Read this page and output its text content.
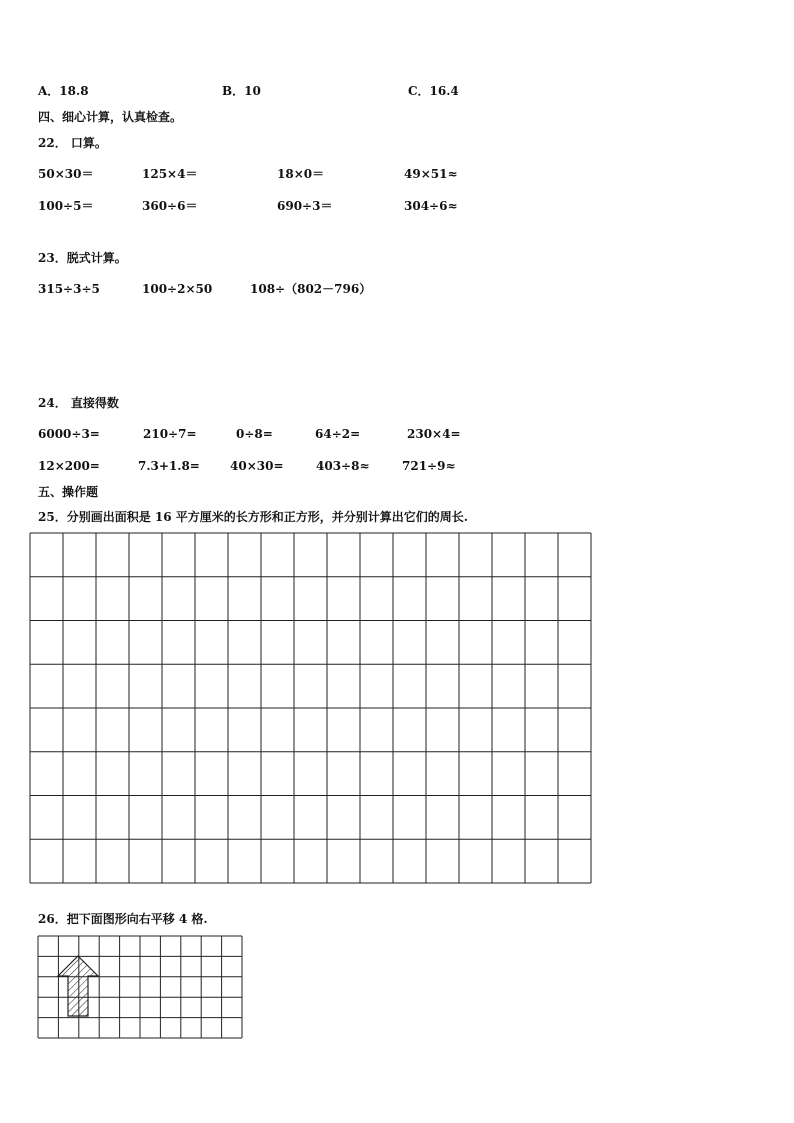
A．18.8	B．10	C．16.4
四、细心计算，认真检查。
22． 口算。
50×30＝	125×4＝	18×0＝	49×51≈
100÷5＝	360÷6＝	690÷3＝	304÷6≈
23．脱式计算。
315÷3÷5	100÷2×50	108÷（802－796）
24． 直接得数
6000÷3=	210÷7=	0÷8=	64÷2=	230×4=
12×200=	7.3+1.8=	40×30=	403÷8≈	721÷9≈
五、操作题
25．分别画出面积是 16 平方厘米的长方形和正方形，并分别计算出它们的周长.
26．把下面图形向右平移 4 格.
